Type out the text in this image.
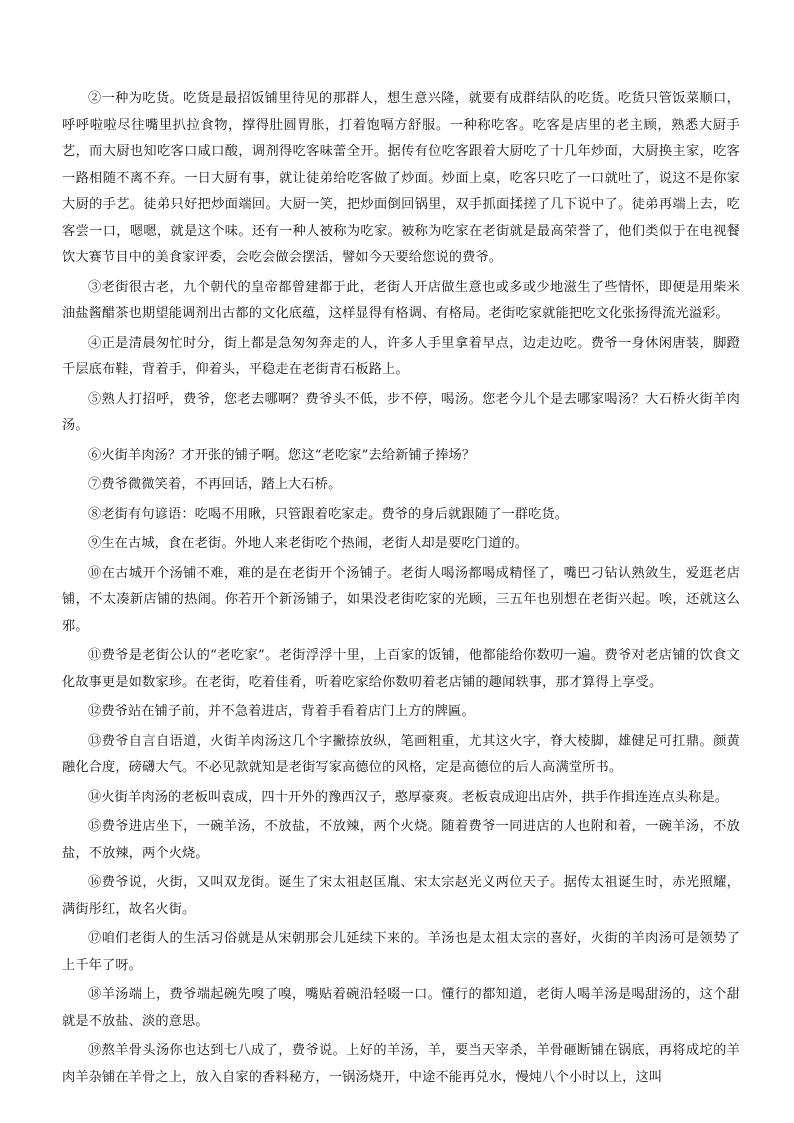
②一种为吃货。吃货是最招饭铺里待见的那群人，想生意兴隆，就要有成群结队的吃货。吃货只管饭菜顺口，呼呼啦啦尽往嘴里扒拉食物，撑得肚圆胃胀，打着饱嗝方舒服。一种称吃客。吃客是店里的老主顾，熟悉大厨手艺，而大厨也知吃客口咸口酸，调剂得吃客味蕾全开。据传有位吃客跟着大厨吃了十几年炒面，大厨换主家，吃客一路相随不离不弃。一日大厨有事，就让徒弟给吃客做了炒面。炒面上桌，吃客只吃了一口就吐了，说这不是你家大厨的手艺。徒弟只好把炒面端回。大厨一笑，把炒面倒回锅里，双手抓面揉搓了几下说中了。徒弟再端上去，吃客尝一口，嗯嗯，就是这个味。还有一种人被称为吃家。被称为吃家在老街就是最高荣誉了，他们类似于在电视餐饮大赛节目中的美食家评委，会吃会做会摆活，譬如今天要给您说的费爷。

③老街很古老，九个朝代的皇帝都曾建都于此，老街人开店做生意也或多或少地滋生了些情怀，即便是用柴米油盐酱醋茶也期望能调剂出古都的文化底蕴，这样显得有格调、有格局。老街吃家就能把吃文化张扬得流光溢彩。

④正是清晨匆忙时分，街上都是急匆匆奔走的人，许多人手里拿着早点，边走边吃。费爷一身休闲唐装，脚蹬千层底布鞋，背着手，仰着头，平稳走在老街青石板路上。

⑤熟人打招呼，费爷，您老去哪啊？费爷头不低，步不停，喝汤。您老今儿个是去哪家喝汤？大石桥火街羊肉汤。

⑥火街羊肉汤？才开张的铺子啊。您这“老吃家”去给新铺子捧场？

⑦费爷微微笑着，不再回话，踏上大石桥。

⑧老街有句谚语：吃喝不用瞅，只管跟着吃家走。费爷的身后就跟随了一群吃货。

⑨生在古城，食在老街。外地人来老街吃个热闹，老街人却是要吃门道的。

⑩在古城开个汤铺不难，难的是在老街开个汤铺子。老街人喝汤都喝成精怪了，嘴巴刁钻认熟敛生，爱逛老店铺，不太凑新店铺的热闹。你若开个新汤铺子，如果没老街吃家的光顾，三五年也别想在老街兴起。唉，还就这么邪。

⑪费爷是老街公认的“老吃家”。老街浮浮十里，上百家的饭铺，他都能给你数叨一遍。费爷对老店铺的饮食文化故事更是如数家珍。在老街，吃着佳肴，听着吃家给你数叨着老店铺的趣闻轶事，那才算得上享受。

⑫费爷站在铺子前，并不急着进店，背着手看着店门上方的牌匾。

⑬费爷自言自语道，火街羊肉汤这几个字撇捺放纵，笔画粗重，尤其这火字，脊大棱脚，雄健足可扛鼎。颜黄融化合度，磅礴大气。不必见款就知是老街写家高德位的风格，定是高德位的后人高满堂所书。

⑭火街羊肉汤的老板叫袁成，四十开外的豫西汉子，憨厚豪爽。老板袁成迎出店外，拱手作揖连连点头称是。

⑮费爷进店坐下，一碗羊汤，不放盐，不放辣，两个火烧。随着费爷一同进店的人也附和着，一碗羊汤，不放盐，不放辣，两个火烧。

⑯费爷说，火街，又叫双龙街。诞生了宋太祖赵匡胤、宋太宗赵光义两位天子。据传太祖诞生时，赤光照耀，满街彤红，故名火街。

⑰咱们老街人的生活习俗就是从宋朝那会儿延续下来的。羊汤也是太祖太宗的喜好，火街的羊肉汤可是领势了上千年了呀。

⑱羊汤端上，费爷端起碗先嗅了嗅，嘴贴着碗沿轻啜一口。懂行的都知道，老街人喝羊汤是喝甜汤的，这个甜就是不放盐、淡的意思。

⑲熬羊骨头汤你也达到七八成了，费爷说。上好的羊汤，羊，要当天宰杀，羊骨砸断铺在锅底，再将成坨的羊肉羊杂铺在羊骨之上，放入自家的香料秘方，一锅汤烧开，中途不能再兑水，慢炖八个小时以上，这叫
